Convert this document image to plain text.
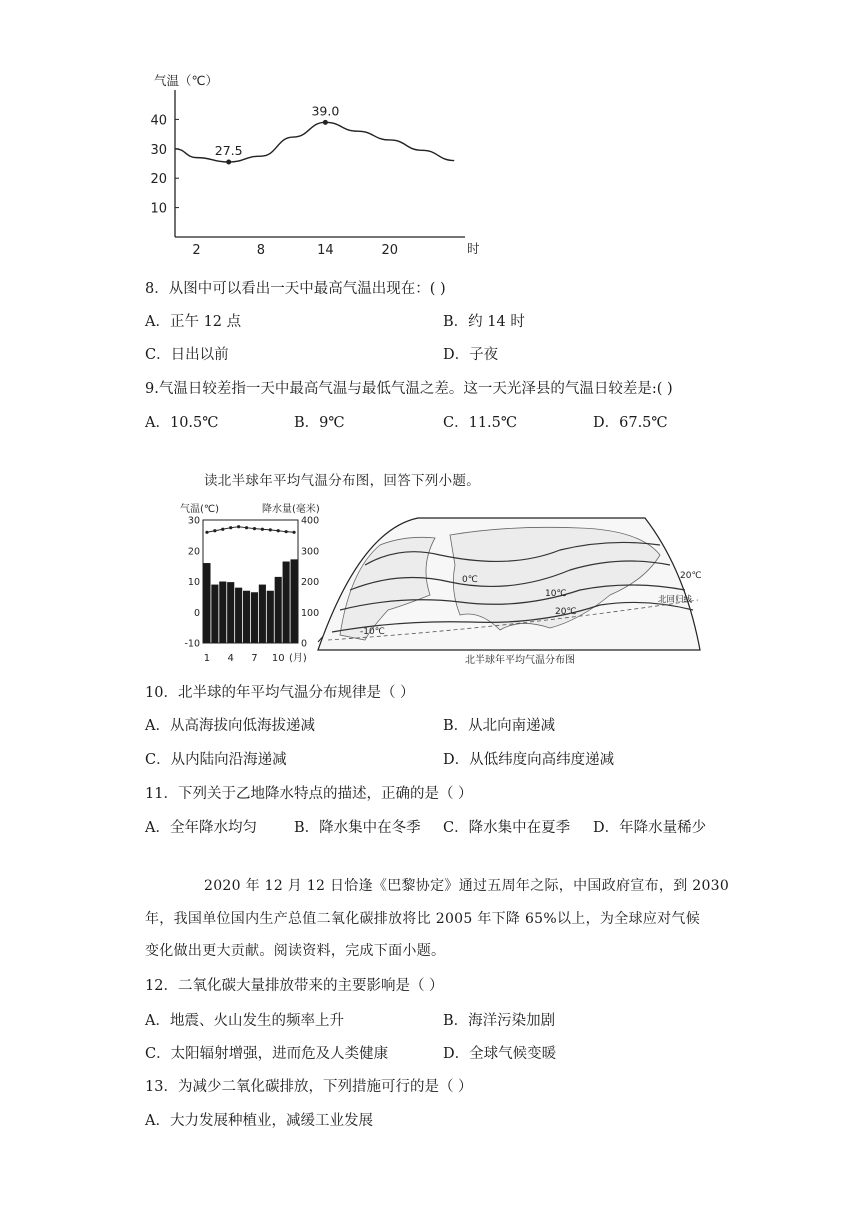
气温（℃）
时
10
20
30
40
2	8	14	20
27.5
39.0
8．从图中可以看出一天中最高气温出现在：( )
A．正午 12 点	B．约 14 时
C．日出以前	D．子夜
9.气温日较差指一天中最高气温与最低气温之差。这一天光泽县的气温日较差是:( )
A．10.5℃	B．9℃	C．11.5℃	D．67.5℃
读北半球年平均气温分布图，回答下列小题。
气温(℃)	降水量(毫米)
-10
0
10
20
30
0
100
200
300
400
1 4 7 10 (月)
0℃
10℃
20℃
-10℃
20℃
北回归线
北半球年平均气温分布图
10．北半球的年平均气温分布规律是（ ）
A．从高海拔向低海拔递减	B．从北向南递减
C．从内陆向沿海递减	D．从低纬度向高纬度递减
11．下列关于乙地降水特点的描述，正确的是（ ）
A．全年降水均匀	B．降水集中在冬季 C．降水集中在夏季 D．年降水量稀少
2020 年 12 月 12 日恰逢《巴黎协定》通过五周年之际，中国政府宣布，到 2030
年，我国单位国内生产总值二氧化碳排放将比 2005 年下降 65%以上，为全球应对气候
变化做出更大贡献。阅读资料，完成下面小题。
12．二氧化碳大量排放带来的主要影响是（ ）
A．地震、火山发生的频率上升	B．海洋污染加剧
C．太阳辐射增强，进而危及人类健康	D．全球气候变暖
13．为减少二氧化碳排放，下列措施可行的是（ ）
A．大力发展种植业，减缓工业发展
